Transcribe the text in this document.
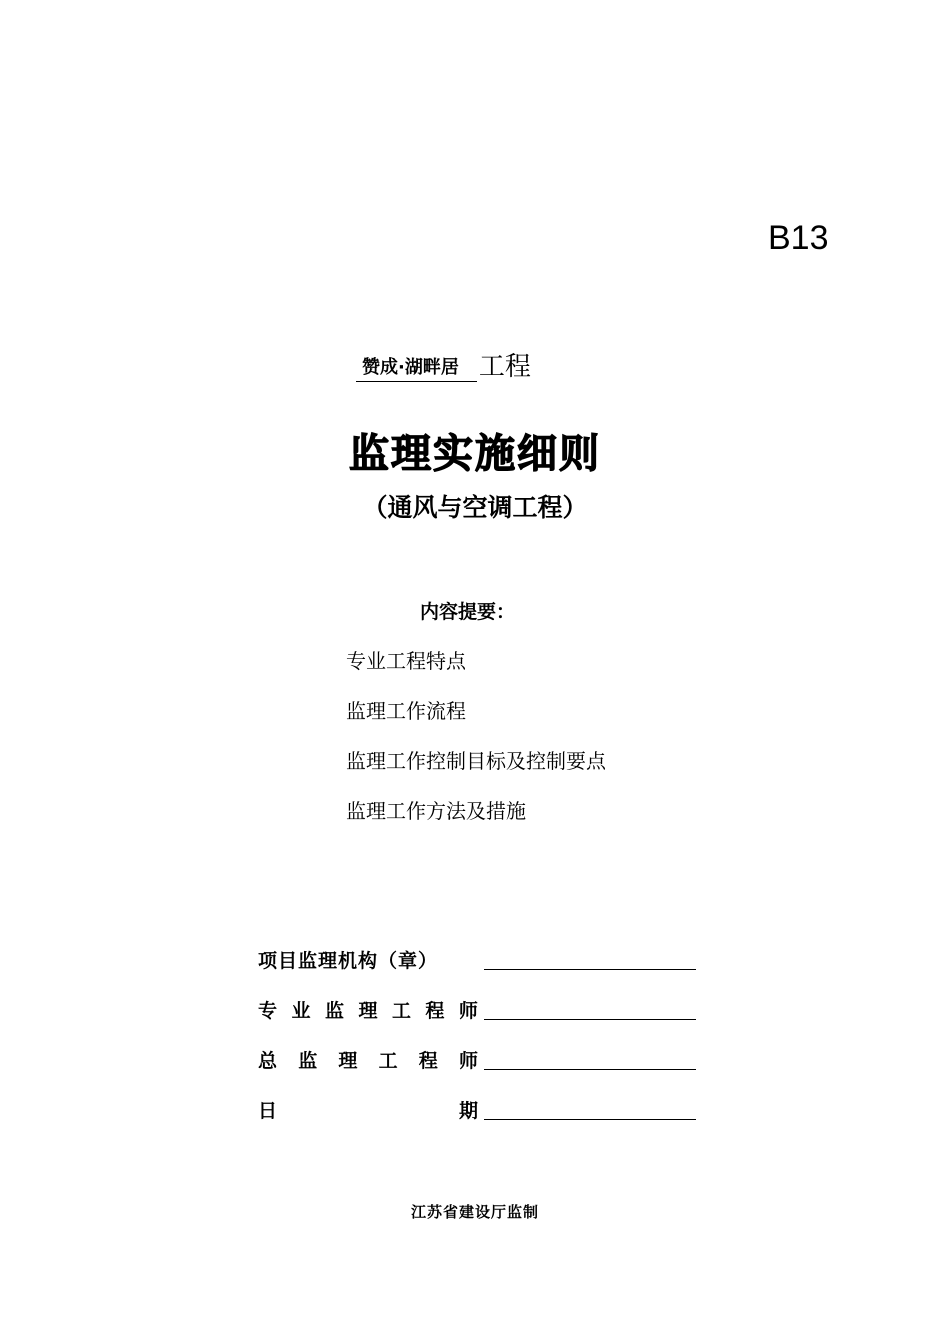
B13
赞成·湖畔居 工程
监理实施细则
（通风与空调工程）
内容提要：
专业工程特点
监理工作流程
监理工作控制目标及控制要点
监理工作方法及措施
项目监理机构（章）
专 业 监 理 工 程 师
总 监 理 工 程 师
日	期
江苏省建设厅监制
